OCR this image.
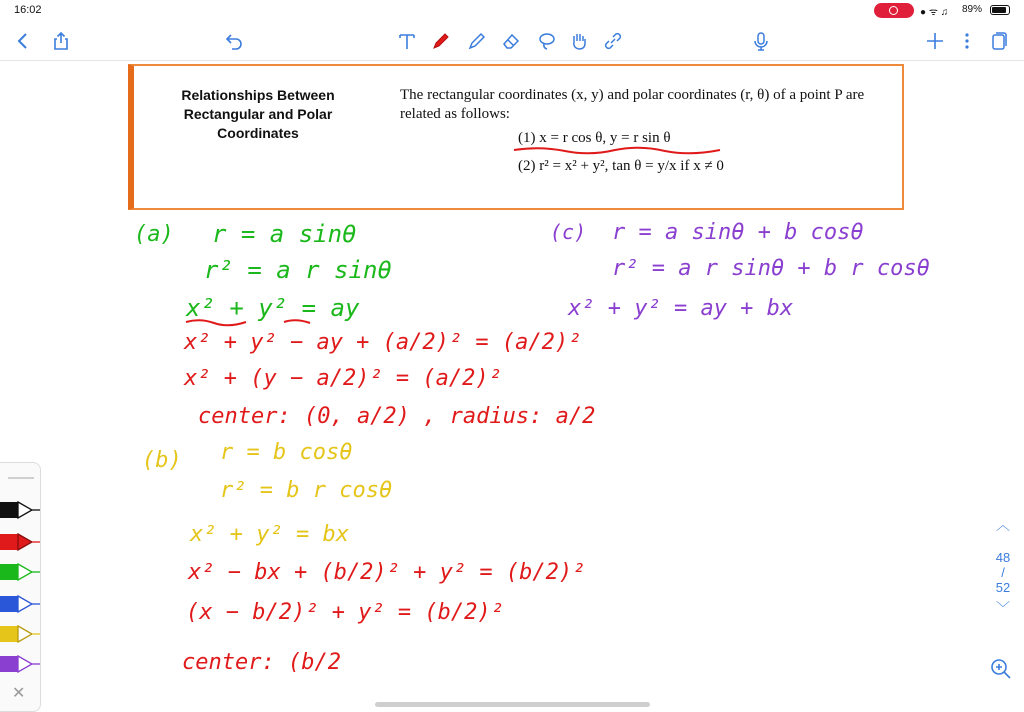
16:02	● ᯤ ♫ 89%
Relationships Between Rectangular and Polar Coordinates
The rectangular coordinates (x, y) and polar coordinates (r, θ) of a point P are related as follows:
(1) x = r cos θ, y = r sin θ
(2) r² = x² + y², tan θ = y/x if x ≠ 0
(a) r = a sinθ
r² = a r sinθ
x² + y² = ay
x² + y² − ay + (a/2)² = (a/2)²
x² + (y − a/2)² = (a/2)²
center: (0, a/2) , radius: a/2
(b) r = b cosθ
r² = b r cosθ
x² + y² = bx
x² − bx + (b/2)² + y² = (b/2)²
(x − b/2)² + y² = (b/2)²
center: (b/2
(c) r = a sinθ + b cosθ
r² = a r sinθ + b r cosθ
x² + y² = ay + bx
✕
︿
48
/
52
﹀
